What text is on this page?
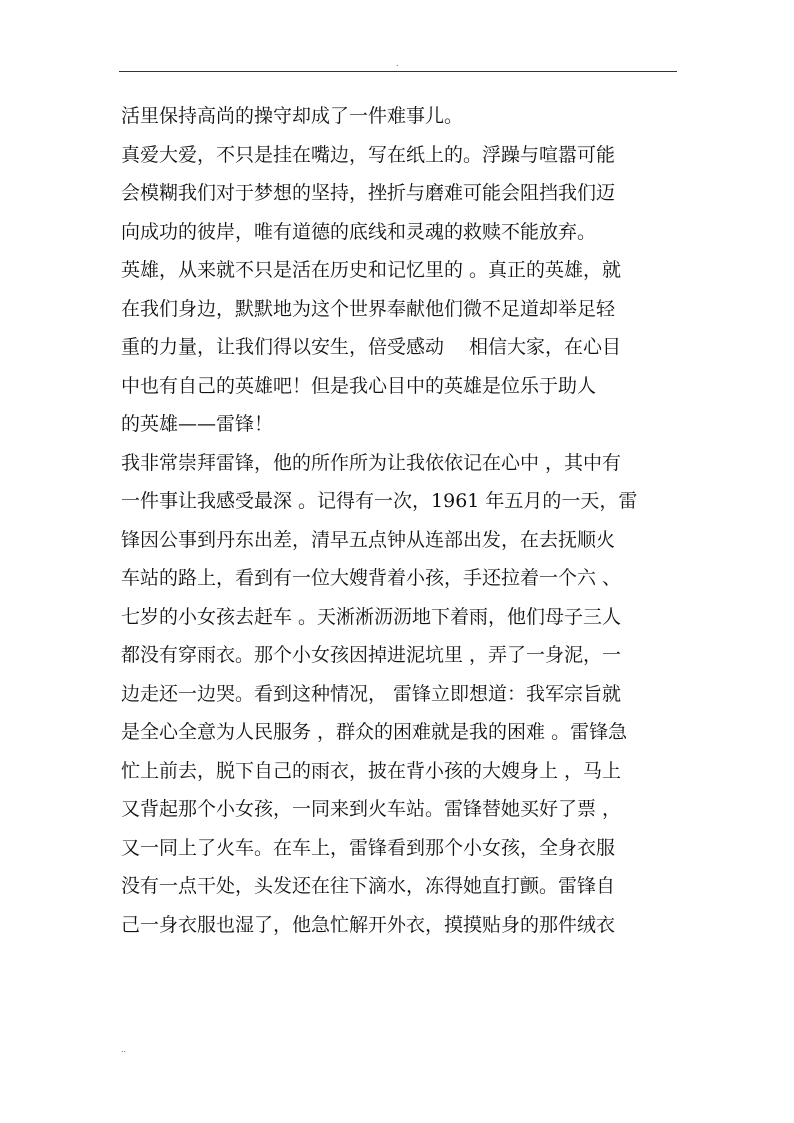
.
活里保持高尚的操守却成了一件难事儿。
真爱大爱，不只是挂在嘴边，写在纸上的。浮躁与喧嚣可能
会模糊我们对于梦想的坚持，挫折与磨难可能会阻挡我们迈
向成功的彼岸，唯有道德的底线和灵魂的救赎不能放弃。
英雄，从来就不只是活在历史和记忆里的 。真正的英雄，就
在我们身边，默默地为这个世界奉献他们微不足道却举足轻
重的力量，让我们得以安生，倍受感动　 相信大家，在心目
中也有自己的英雄吧！但是我心目中的英雄是位乐于助人
的英雄——雷锋！
我非常崇拜雷锋，他的所作所为让我依依记在心中 ，其中有
一件事让我感受最深 。记得有一次，1961 年五月的一天，雷
锋因公事到丹东出差，清早五点钟从连部出发，在去抚顺火
车站的路上，看到有一位大嫂背着小孩，手还拉着一个六 、
七岁的小女孩去赶车 。天淅淅沥沥地下着雨，他们母子三人
都没有穿雨衣。那个小女孩因掉进泥坑里 ，弄了一身泥，一
边走还一边哭。看到这种情况， 雷锋立即想道：我军宗旨就
是全心全意为人民服务 ，群众的困难就是我的困难 。雷锋急
忙上前去，脱下自己的雨衣，披在背小孩的大嫂身上 ，马上
又背起那个小女孩，一同来到火车站。雷锋替她买好了票 ，
又一同上了火车。在车上，雷锋看到那个小女孩，全身衣服
没有一点干处，头发还在往下滴水，冻得她直打颤。雷锋自
己一身衣服也湿了，他急忙解开外衣，摸摸贴身的那件绒衣
..
